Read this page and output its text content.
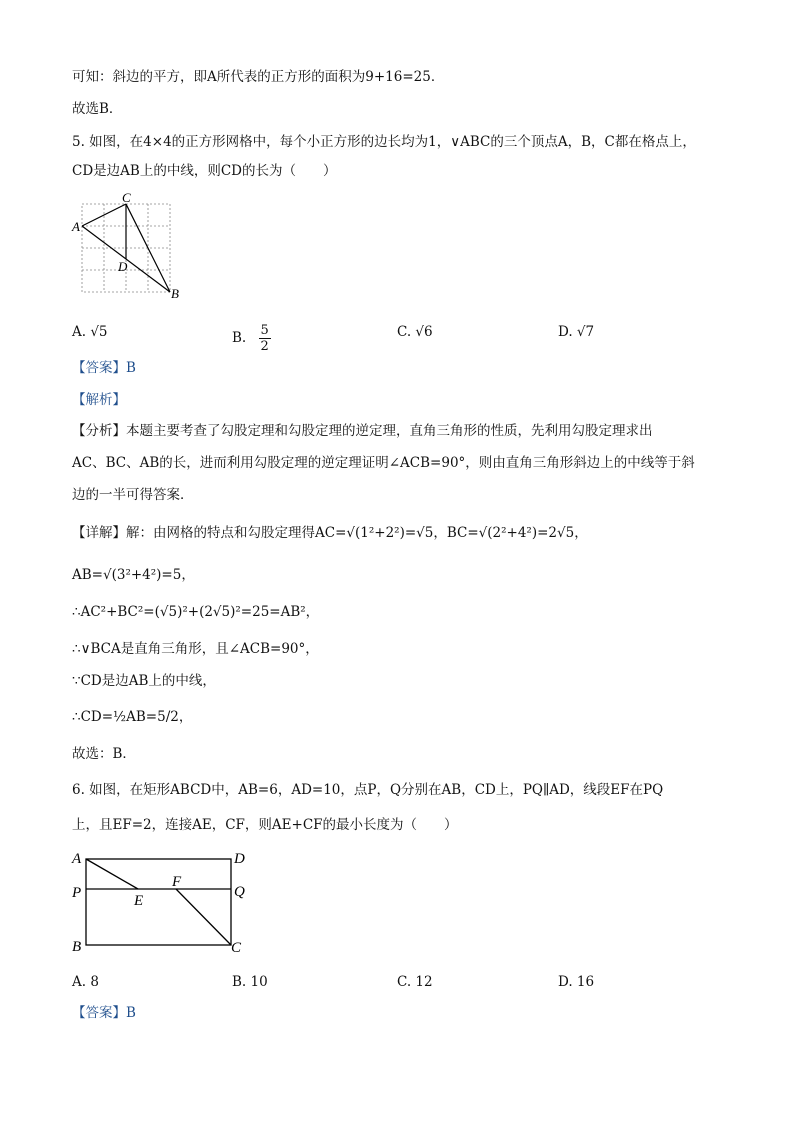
可知：斜边的平方，即A所代表的正方形的面积为9+16=25．
故选B．
5. 如图，在4×4的正方形网格中，每个小正方形的边长均为1，∨ABC的三个顶点A，B，C都在格点上，
CD是边AB上的中线，则CD的长为（　　）
A
C
D
B
A. √5	B. $\frac{5}{2}$	C. √6	D. √7
【答案】B
【解析】
【分析】本题主要考查了勾股定理和勾股定理的逆定理，直角三角形的性质，先利用勾股定理求出
AC、BC、AB的长，进而利用勾股定理的逆定理证明∠ACB=90°，则由直角三角形斜边上的中线等于斜
边的一半可得答案．
【详解】解：由网格的特点和勾股定理得AC=√(1²+2²)=√5，BC=√(2²+4²)=2√5，
AB=√(3²+4²)=5，
∴AC²+BC²=(√5)²+(2√5)²=25=AB²，
∴∨BCA是直角三角形，且∠ACB=90°，
∵CD是边AB上的中线，
∴CD=½AB=5/2，
故选：B．
6. 如图，在矩形ABCD中，AB=6，AD=10，点P，Q分别在AB，CD上，PQ∥AD，线段EF在PQ
上，且EF=2，连接AE，CF，则AE+CF的最小长度为（　　）
A	D
P	Q
E
F
B	C
A. 8	B. 10	C. 12	D. 16
【答案】B
